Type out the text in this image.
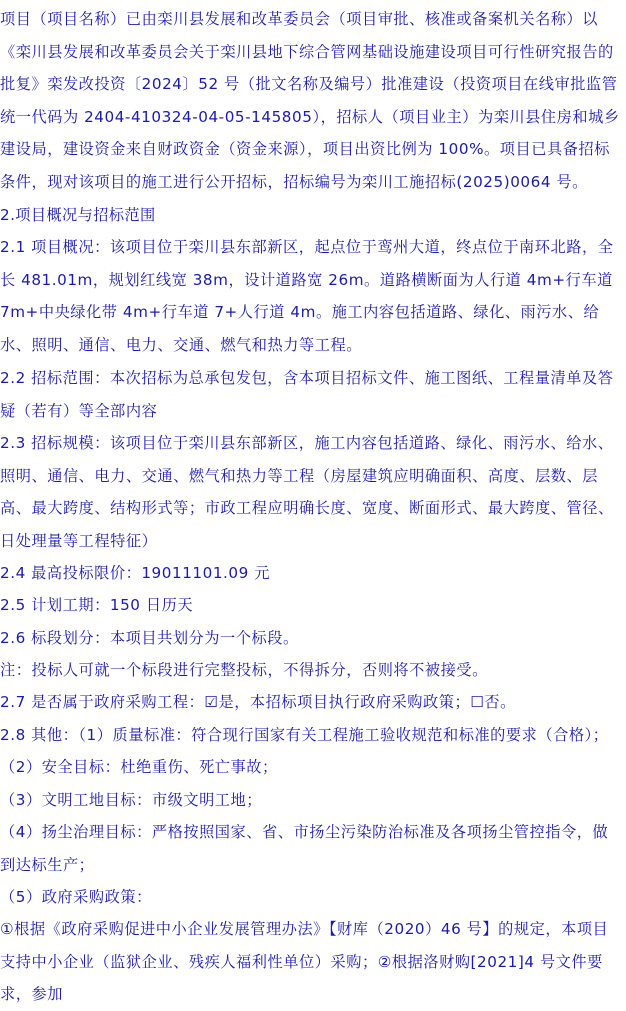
项目（项目名称）已由栾川县发展和改革委员会（项目审批、核准或备案机关名称）以《栾川县发展和改革委员会关于栾川县地下综合管网基础设施建设项目可行性研究报告的批复》栾发改投资〔2024〕52 号（批文名称及编号）批准建设（投资项目在线审批监管统一代码为 2404-410324-04-05-145805），招标人（项目业主）为栾川县住房和城乡建设局，建设资金来自财政资金（资金来源），项目出资比例为 100%。项目已具备招标条件，现对该项目的施工进行公开招标，招标编号为栾川工施招标(2025)0064 号。

2.项目概况与招标范围

2.1 项目概况：该项目位于栾川县东部新区，起点位于鸾州大道，终点位于南环北路，全长 481.01m，规划红线宽 38m，设计道路宽 26m。道路横断面为人行道 4m+行车道 7m+中央绿化带 4m+行车道 7+人行道 4m。施工内容包括道路、绿化、雨污水、给水、照明、通信、电力、交通、燃气和热力等工程。

2.2 招标范围：本次招标为总承包发包，含本项目招标文件、施工图纸、工程量清单及答疑（若有）等全部内容

2.3 招标规模：该项目位于栾川县东部新区，施工内容包括道路、绿化、雨污水、给水、照明、通信、电力、交通、燃气和热力等工程（房屋建筑应明确面积、高度、层数、层高、最大跨度、结构形式等；市政工程应明确长度、宽度、断面形式、最大跨度、管径、日处理量等工程特征）

2.4 最高投标限价：19011101.09 元

2.5 计划工期：150 日历天

2.6 标段划分：本项目共划分为一个标段。

注：投标人可就一个标段进行完整投标，不得拆分，否则将不被接受。

2.7 是否属于政府采购工程：☑是，本招标项目执行政府采购政策；☐否。

2.8 其他：（1）质量标准：符合现行国家有关工程施工验收规范和标准的要求（合格）；

（2）安全目标：杜绝重伤、死亡事故；

（3）文明工地目标：市级文明工地；

（4）扬尘治理目标：严格按照国家、省、市扬尘污染防治标准及各项扬尘管控指令，做到达标生产；

（5）政府采购政策：

①根据《政府采购促进中小企业发展管理办法》【财库（2020）46 号】的规定，本项目支持中小企业（监狱企业、残疾人福利性单位）采购；②根据洛财购[2021]4 号文件要求，参加
